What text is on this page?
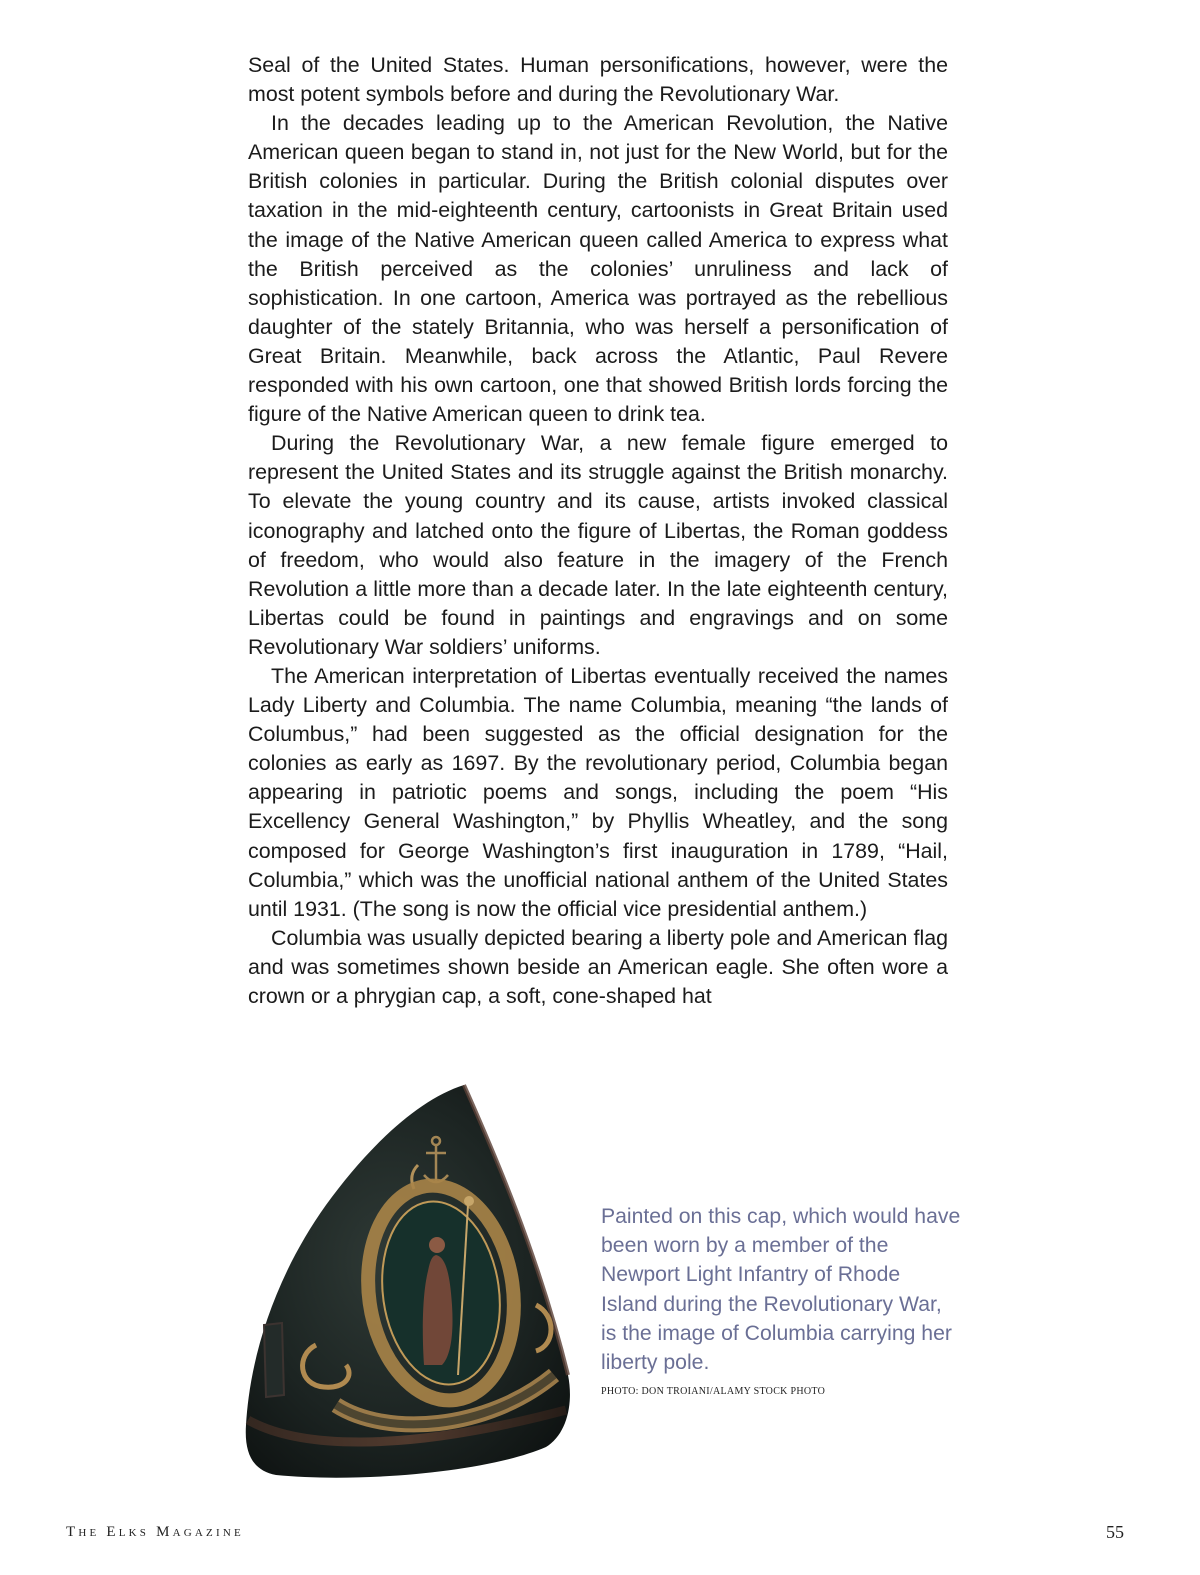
Seal of the United States. Human personifications, however, were the most potent symbols before and during the Revolutionary War.

In the decades leading up to the American Revolution, the Native American queen began to stand in, not just for the New World, but for the British colonies in particular. During the British colonial disputes over taxation in the mid-eighteenth century, cartoonists in Great Britain used the image of the Native American queen called America to express what the British perceived as the colonies’ unruliness and lack of sophistication. In one cartoon, America was portrayed as the rebellious daughter of the stately Britannia, who was herself a personification of Great Britain. Meanwhile, back across the Atlantic, Paul Revere responded with his own cartoon, one that showed British lords forcing the figure of the Native American queen to drink tea.

During the Revolutionary War, a new female figure emerged to represent the United States and its struggle against the British monarchy. To elevate the young country and its cause, artists invoked classical iconography and latched onto the figure of Libertas, the Roman goddess of freedom, who would also feature in the imagery of the French Revolution a little more than a decade later. In the late eighteenth century, Libertas could be found in paintings and engravings and on some Revolutionary War soldiers’ uniforms.

The American interpretation of Libertas eventually received the names Lady Liberty and Columbia. The name Columbia, meaning “the lands of Columbus,” had been suggested as the official designation for the colonies as early as 1697. By the revolutionary period, Columbia began appearing in patriotic poems and songs, including the poem “His Excellency General Washington,” by Phyllis Wheatley, and the song composed for George Washington’s first inauguration in 1789, “Hail, Columbia,” which was the unofficial national anthem of the United States until 1931. (The song is now the official vice presidential anthem.)

Columbia was usually depicted bearing a liberty pole and American flag and was sometimes shown beside an American eagle. She often wore a crown or a phrygian cap, a soft, cone-shaped hat

Painted on this cap, which would have been worn by a member of the Newport Light Infantry of Rhode Island during the Revolutionary War, is the image of Columbia carrying her liberty pole.
PHOTO: DON TROIANI/ALAMY STOCK PHOTO
The Elks Magazine	55
